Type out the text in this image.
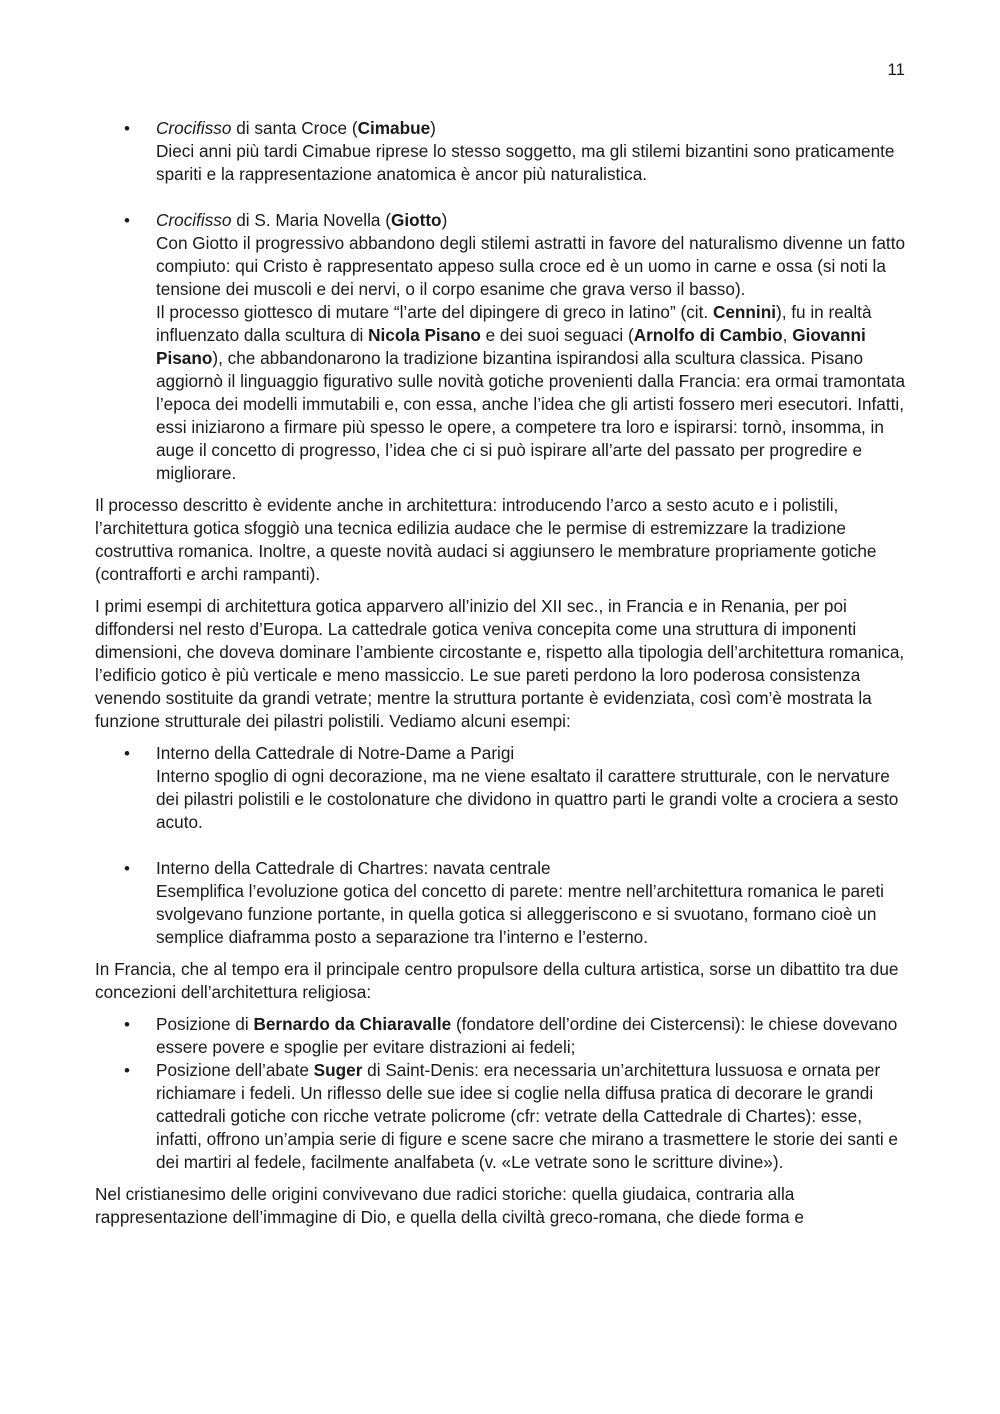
11
• Crocifisso di santa Croce (Cimabue)
Dieci anni più tardi Cimabue riprese lo stesso soggetto, ma gli stilemi bizantini sono praticamente spariti e la rappresentazione anatomica è ancor più naturalistica.
• Crocifisso di S. Maria Novella (Giotto)
Con Giotto il progressivo abbandono degli stilemi astratti in favore del naturalismo divenne un fatto compiuto: qui Cristo è rappresentato appeso sulla croce ed è un uomo in carne e ossa (si noti la tensione dei muscoli e dei nervi, o il corpo esanime che grava verso il basso).
Il processo giottesco di mutare “l’arte del dipingere di greco in latino” (cit. Cennini), fu in realtà influenzato dalla scultura di Nicola Pisano e dei suoi seguaci (Arnolfo di Cambio, Giovanni Pisano), che abbandonarono la tradizione bizantina ispirandosi alla scultura classica. Pisano aggiornò il linguaggio figurativo sulle novità gotiche provenienti dalla Francia: era ormai tramontata l’epoca dei modelli immutabili e, con essa, anche l’idea che gli artisti fossero meri esecutori. Infatti, essi iniziarono a firmare più spesso le opere, a competere tra loro e ispirarsi: tornò, insomma, in auge il concetto di progresso, l’idea che ci si può ispirare all’arte del passato per progredire e migliorare.

Il processo descritto è evidente anche in architettura: introducendo l’arco a sesto acuto e i polistili, l’architettura gotica sfoggiò una tecnica edilizia audace che le permise di estremizzare la tradizione costruttiva romanica. Inoltre, a queste novità audaci si aggiunsero le membrature propriamente gotiche (contrafforti e archi rampanti).

I primi esempi di architettura gotica apparvero all’inizio del XII sec., in Francia e in Renania, per poi diffondersi nel resto d’Europa. La cattedrale gotica veniva concepita come una struttura di imponenti dimensioni, che doveva dominare l’ambiente circostante e, rispetto alla tipologia dell’architettura romanica, l’edificio gotico è più verticale e meno massiccio. Le sue pareti perdono la loro poderosa consistenza venendo sostituite da grandi vetrate; mentre la struttura portante è evidenziata, così com’è mostrata la funzione strutturale dei pilastri polistili. Vediamo alcuni esempi:

• Interno della Cattedrale di Notre-Dame a Parigi
Interno spoglio di ogni decorazione, ma ne viene esaltato il carattere strutturale, con le nervature dei pilastri polistili e le costolonature che dividono in quattro parti le grandi volte a crociera a sesto acuto.
• Interno della Cattedrale di Chartres: navata centrale
Esemplifica l’evoluzione gotica del concetto di parete: mentre nell’architettura romanica le pareti svolgevano funzione portante, in quella gotica si alleggeriscono e si svuotano, formano cioè un semplice diaframma posto a separazione tra l’interno e l’esterno.

In Francia, che al tempo era il principale centro propulsore della cultura artistica, sorse un dibattito tra due concezioni dell’architettura religiosa:

• Posizione di Bernardo da Chiaravalle (fondatore dell’ordine dei Cistercensi): le chiese dovevano essere povere e spoglie per evitare distrazioni ai fedeli;
• Posizione dell’abate Suger di Saint-Denis: era necessaria un’architettura lussuosa e ornata per richiamare i fedeli. Un riflesso delle sue idee si coglie nella diffusa pratica di decorare le grandi cattedrali gotiche con ricche vetrate policrome (cfr: vetrate della Cattedrale di Chartes): esse, infatti, offrono un’ampia serie di figure e scene sacre che mirano a trasmettere le storie dei santi e dei martiri al fedele, facilmente analfabeta (v. «Le vetrate sono le scritture divine»).

Nel cristianesimo delle origini convivevano due radici storiche: quella giudaica, contraria alla rappresentazione dell’immagine di Dio, e quella della civiltà greco-romana, che diede forma e
